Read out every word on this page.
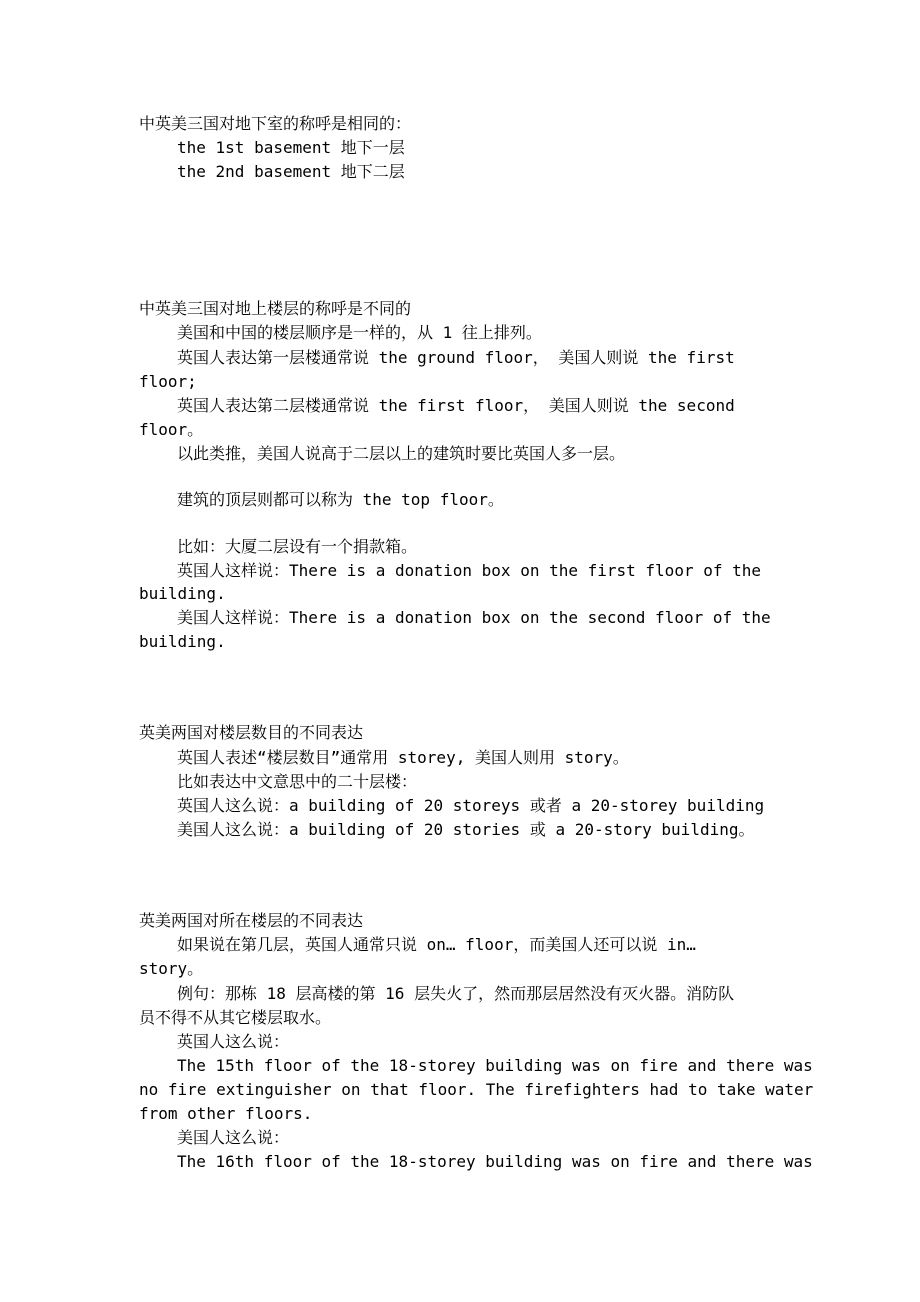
中英美三国对地下室的称呼是相同的：
the 1st basement 地下一层
the 2nd basement 地下二层
中英美三国对地上楼层的称呼是不同的
美国和中国的楼层顺序是一样的，从 1 往上排列。
英国人表达第一层楼通常说 the ground floor， 美国人则说 the first
floor;
英国人表达第二层楼通常说 the first floor， 美国人则说 the second
floor。
以此类推，美国人说高于二层以上的建筑时要比英国人多一层。
建筑的顶层则都可以称为 the top floor。
比如：大厦二层设有一个捐款箱。
英国人这样说：There is a donation box on the first floor of the
building.
美国人这样说：There is a donation box on the second floor of the
building.
英美两国对楼层数目的不同表达
英国人表述“楼层数目”通常用 storey, 美国人则用 story。
比如表达中文意思中的二十层楼：
英国人这么说：a building of 20 storeys 或者 a 20-storey building
美国人这么说：a building of 20 stories 或 a 20-story building。
英美两国对所在楼层的不同表达
如果说在第几层，英国人通常只说 on… floor，而美国人还可以说 in…
story。
例句：那栋 18 层高楼的第 16 层失火了，然而那层居然没有灭火器。消防队
员不得不从其它楼层取水。
英国人这么说：
The 15th floor of the 18-storey building was on fire and there was
no fire extinguisher on that floor. The firefighters had to take water
from other floors.
美国人这么说：
The 16th floor of the 18-storey building was on fire and there was
